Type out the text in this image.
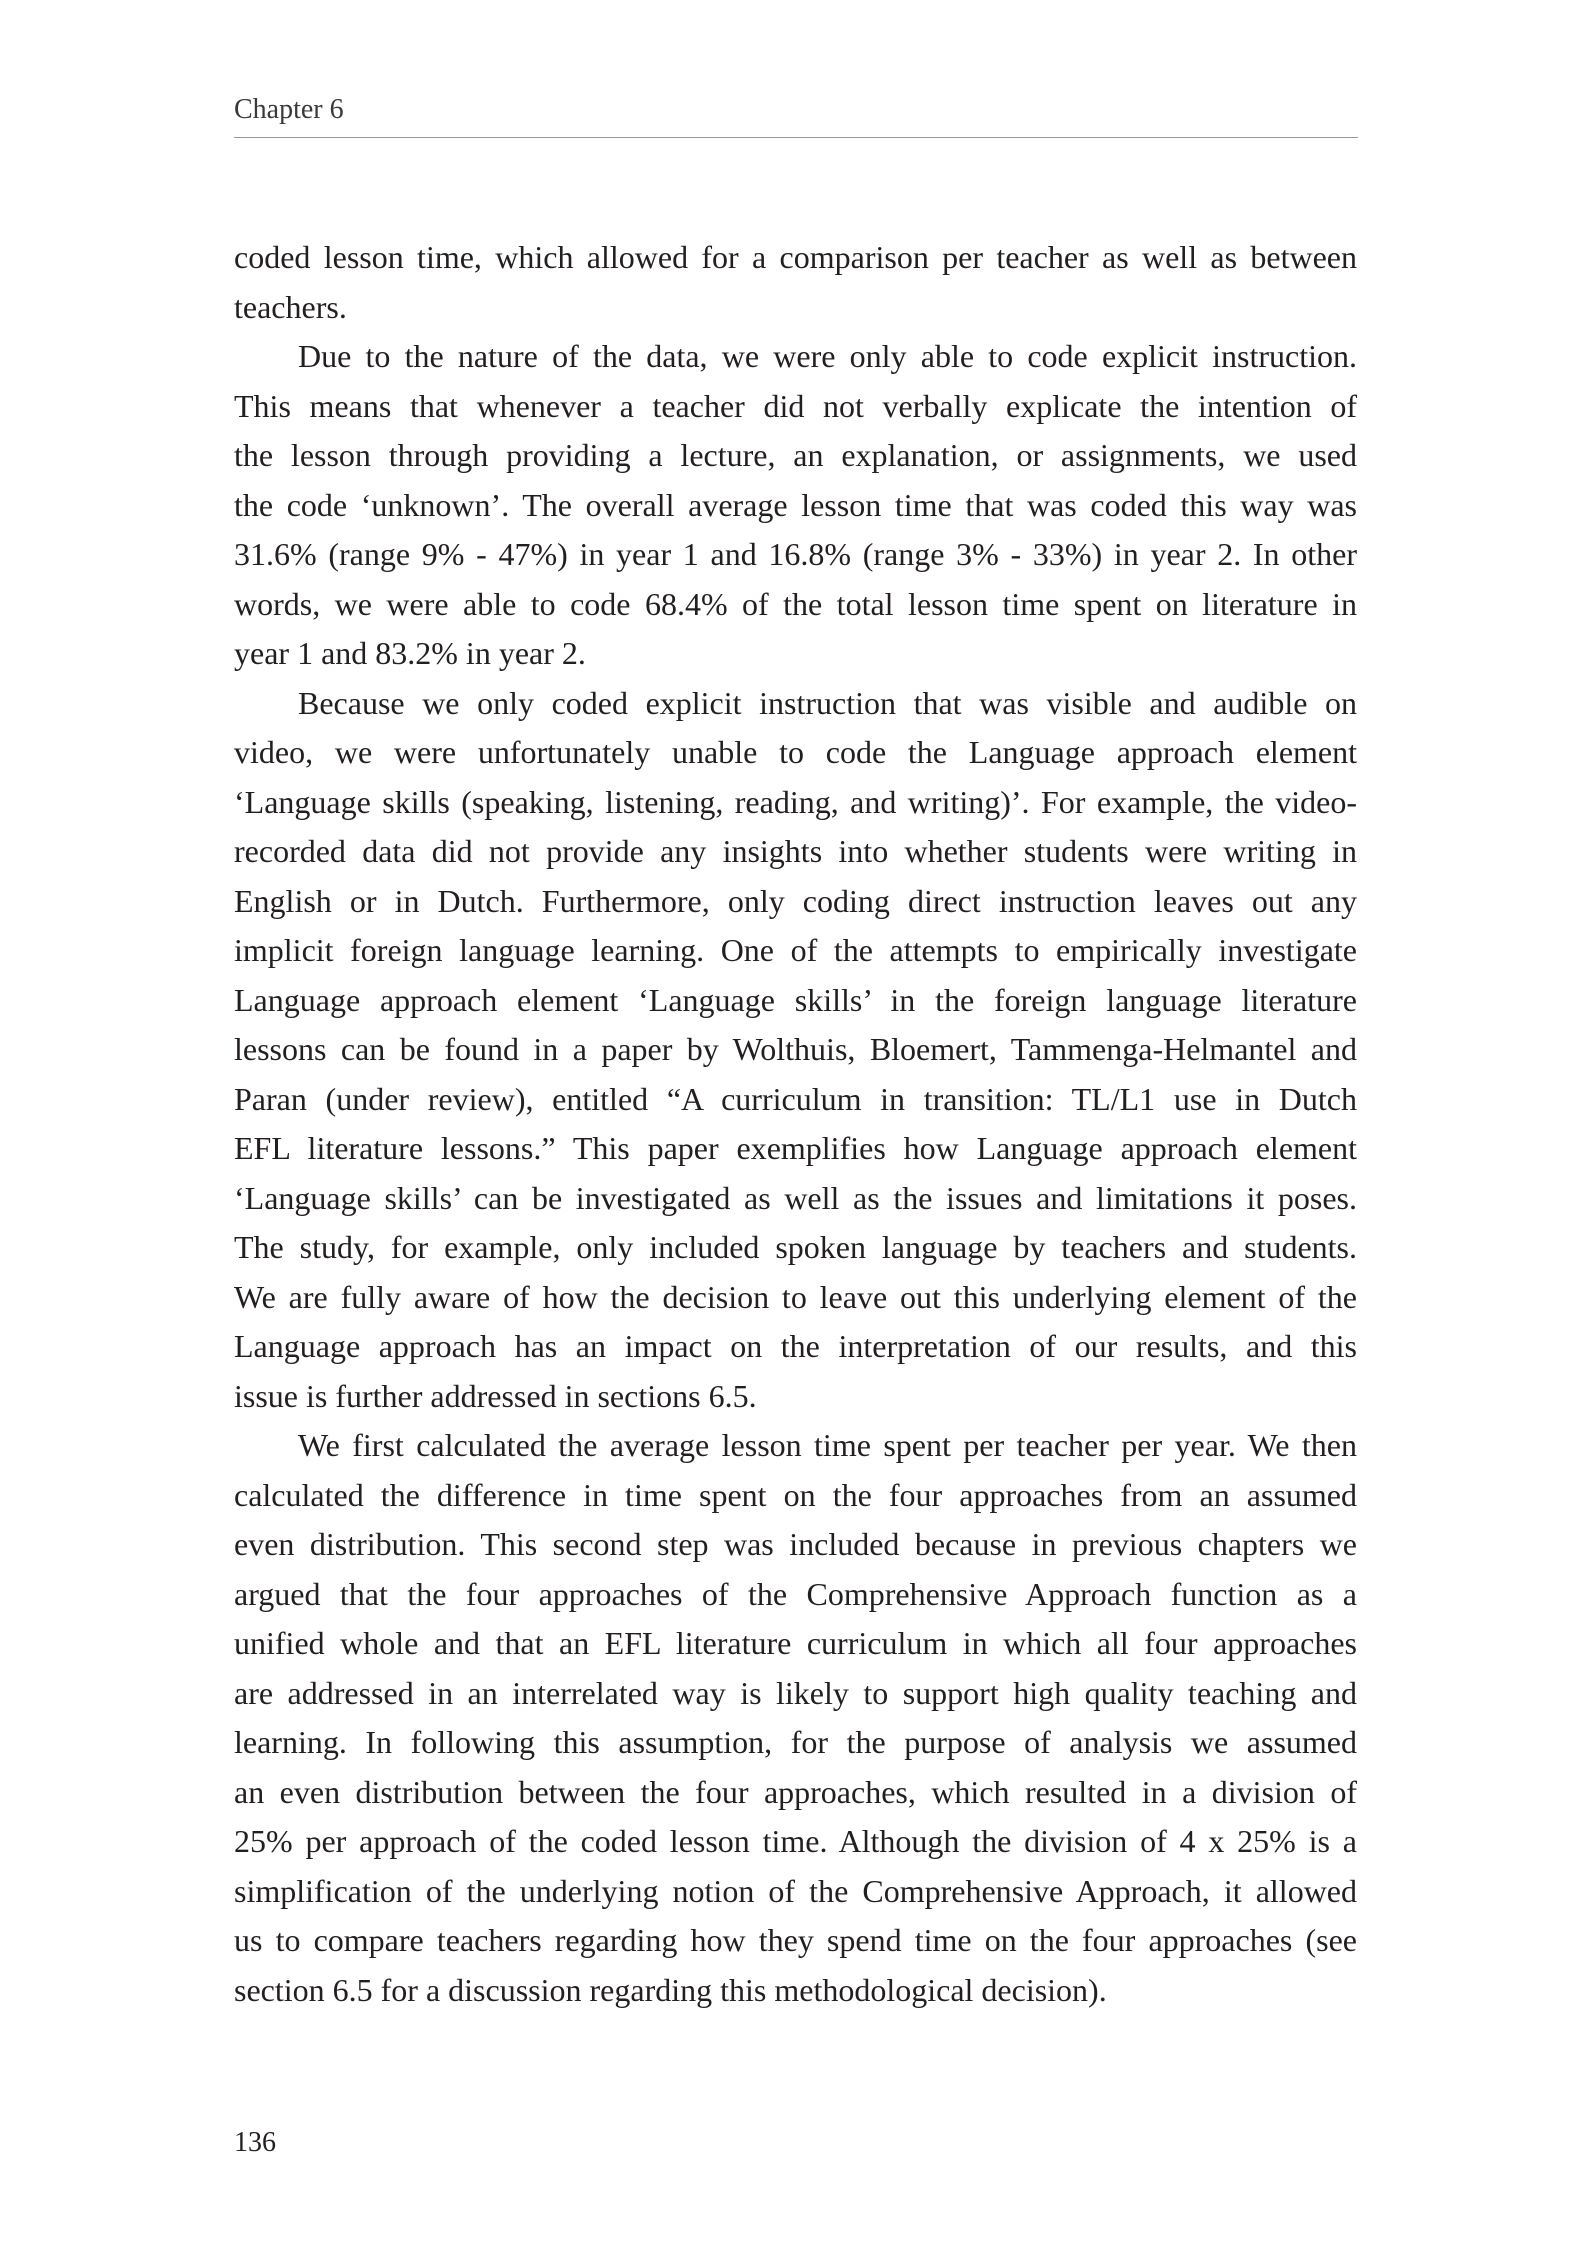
Chapter 6
coded lesson time, which allowed for a comparison per teacher as well as between
teachers.
Due to the nature of the data, we were only able to code explicit instruction.
This means that whenever a teacher did not verbally explicate the intention of
the lesson through providing a lecture, an explanation, or assignments, we used
the code ‘unknown’. The overall average lesson time that was coded this way was
31.6% (range 9% - 47%) in year 1 and 16.8% (range 3% - 33%) in year 2. In other
words, we were able to code 68.4% of the total lesson time spent on literature in
year 1 and 83.2% in year 2.
Because we only coded explicit instruction that was visible and audible on
video, we were unfortunately unable to code the Language approach element
‘Language skills (speaking, listening, reading, and writing)’. For example, the video-
recorded data did not provide any insights into whether students were writing in
English or in Dutch. Furthermore, only coding direct instruction leaves out any
implicit foreign language learning. One of the attempts to empirically investigate
Language approach element ‘Language skills’ in the foreign language literature
lessons can be found in a paper by Wolthuis, Bloemert, Tammenga-Helmantel and
Paran (under review), entitled “A curriculum in transition: TL/L1 use in Dutch
EFL literature lessons.” This paper exemplifies how Language approach element
‘Language skills’ can be investigated as well as the issues and limitations it poses.
The study, for example, only included spoken language by teachers and students.
We are fully aware of how the decision to leave out this underlying element of the
Language approach has an impact on the interpretation of our results, and this
issue is further addressed in sections 6.5.
We first calculated the average lesson time spent per teacher per year. We then
calculated the difference in time spent on the four approaches from an assumed
even distribution. This second step was included because in previous chapters we
argued that the four approaches of the Comprehensive Approach function as a
unified whole and that an EFL literature curriculum in which all four approaches
are addressed in an interrelated way is likely to support high quality teaching and
learning. In following this assumption, for the purpose of analysis we assumed
an even distribution between the four approaches, which resulted in a division of
25% per approach of the coded lesson time. Although the division of 4 x 25% is a
simplification of the underlying notion of the Comprehensive Approach, it allowed
us to compare teachers regarding how they spend time on the four approaches (see
section 6.5 for a discussion regarding this methodological decision).
136
